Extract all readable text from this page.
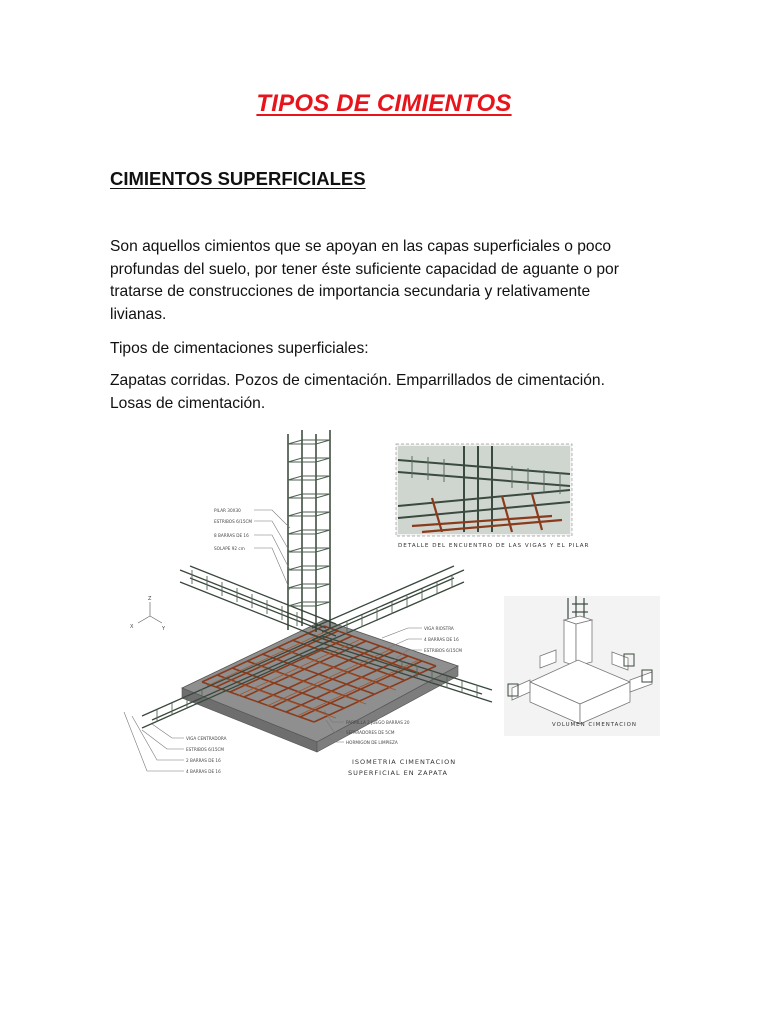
TIPOS DE CIMIENTOS
CIMIENTOS SUPERFICIALES

Son aquellos cimientos que se apoyan en las capas superficiales o poco profundas del suelo, por tener éste suficiente capacidad de aguante o por tratarse de construcciones de importancia secundaria y relativamente livianas.

Tipos de cimentaciones superficiales:

Zapatas corridas. Pozos de cimentación. Emparrillados de cimentación. Losas de cimentación.

PILAR 30X30
ESTRIBOS 6/15CM
8 BARRAS DE 16
SOLAPE 92 cm
VIGA RIOSTRA
4 BARRAS DE 16
ESTRIBOS 6/15CM
PARRILLA 2 JUEGO BARRAS 20
SEPARADORES DE 5CM
HORMIGON DE LIMPIEZA
VIGA CENTRADORA
ESTRIBOS 6/15CM
2 BARRAS DE 16
4 BARRAS DE 16
Z
X	Y
ISOMETRIA CIMENTACION
SUPERFICIAL EN ZAPATA
DETALLE DEL ENCUENTRO DE LAS VIGAS Y EL PILAR
VOLUMEN CIMENTACION
